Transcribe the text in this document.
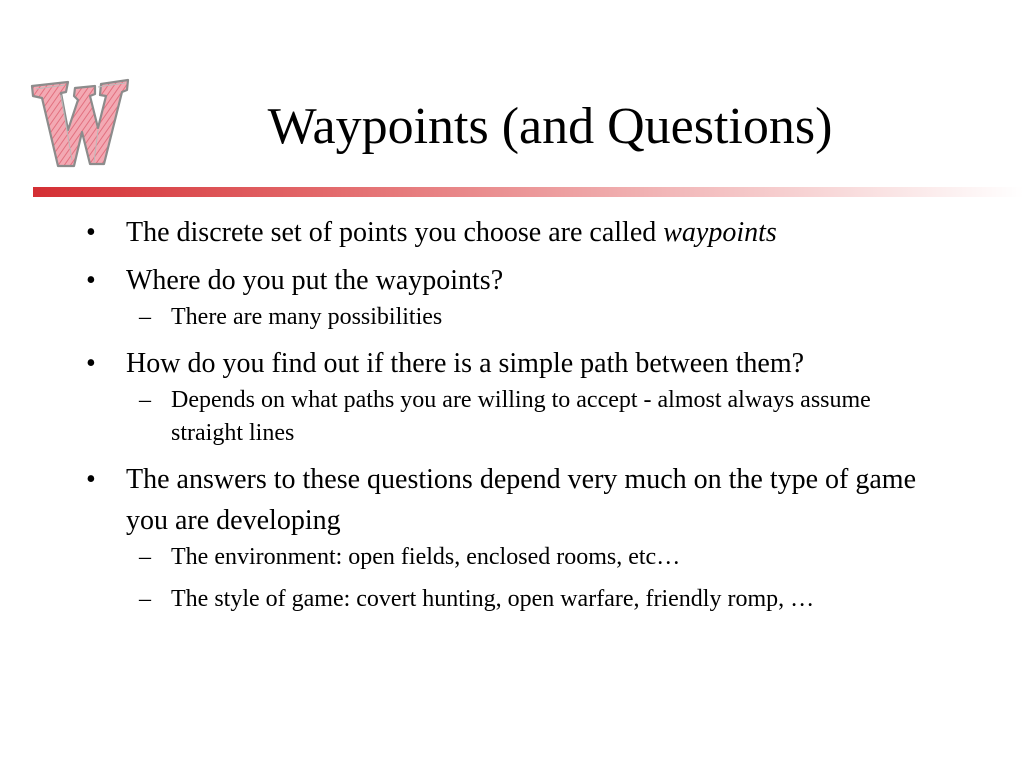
Waypoints (and Questions)

• The discrete set of points you choose are called waypoints

• Where do you put the waypoints?

– There are many possibilities

• How do you find out if there is a simple path between them?

– Depends on what paths you are willing to accept - almost always assume straight lines

• The answers to these questions depend very much on the type of game you are developing

– The environment: open fields, enclosed rooms, etc…

– The style of game: covert hunting, open warfare, friendly romp, …
